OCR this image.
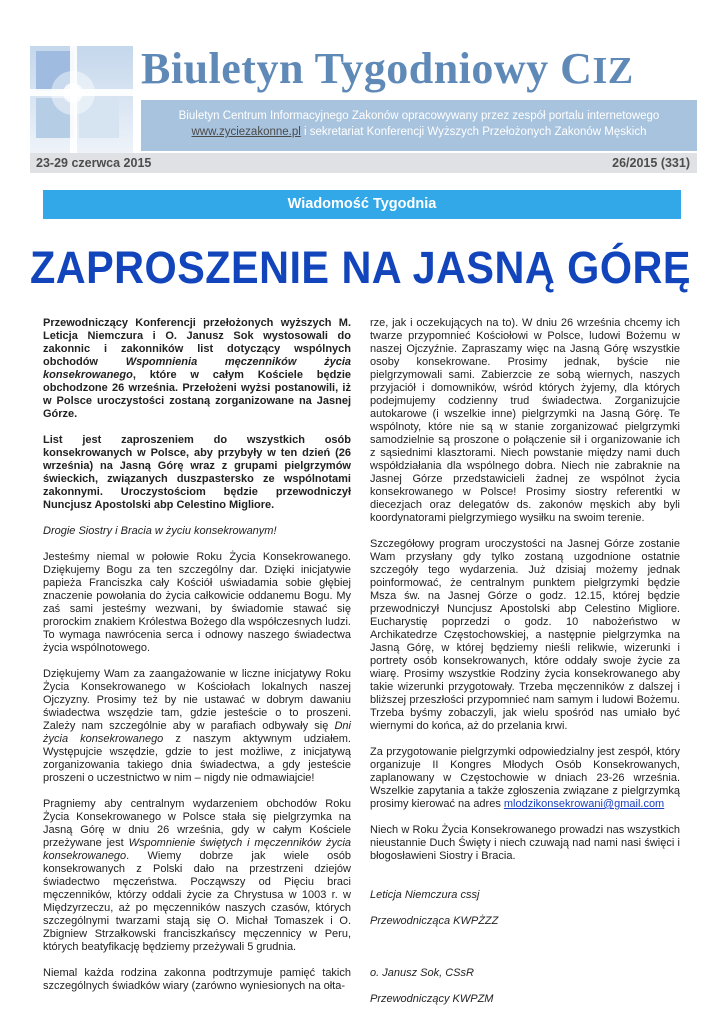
Biuletyn Tygodniowy CIZ
Biuletyn Centrum Informacyjnego Zakonów opracowywany przez zespół portalu internetowego
www.zyciezakonne.pl i sekretariat Konferencji Wyższych Przełożonych Zakonów Męskich
23-29 czerwca 2015	26/2015 (331)
Wiadomość Tygodnia
ZAPROSZENIE NA JASNĄ GÓRĘ

Przewodniczący Konferencji przełożonych wyższych M. Leticja Niemczura i O. Janusz Sok wystosowali do zakonnic i zakonników list dotyczący wspólnych obchodów Wspomnienia męczenników życia konsekrowanego, które w całym Kościele będzie obchodzone 26 września. Przełożeni wyżsi postanowili, iż w Polsce uroczystości zostaną zorganizowane na Jasnej Górze.

List jest zaproszeniem do wszystkich osób konsekrowanych w Polsce, aby przybyły w ten dzień (26 września) na Jasną Górę wraz z grupami pielgrzymów świeckich, związanych duszpastersko ze wspólnotami zakonnymi. Uroczystościom będzie przewodniczył Nuncjusz Apostolski abp Celestino Migliore.

Drogie Siostry i Bracia w życiu konsekrowanym!

Jesteśmy niemal w połowie Roku Życia Konsekrowanego. Dziękujemy Bogu za ten szczególny dar. Dzięki inicjatywie papieża Franciszka cały Kościół uświadamia sobie głębiej znaczenie powołania do życia całkowicie oddanemu Bogu. My zaś sami jesteśmy wezwani, by świadomie stawać się prorockim znakiem Królestwa Bożego dla współczesnych ludzi. To wymaga nawrócenia serca i odnowy naszego świadectwa życia wspólnotowego.

Dziękujemy Wam za zaangażowanie w liczne inicjatywy Roku Życia Konsekrowanego w Kościołach lokalnych naszej Ojczyzny. Prosimy też by nie ustawać w dobrym dawaniu świadectwa wszędzie tam, gdzie jesteście o to proszeni. Zależy nam szczególnie aby w parafiach odbywały się Dni życia konsekrowanego z naszym aktywnym udziałem. Występujcie wszędzie, gdzie to jest możliwe, z inicjatywą zorganizowania takiego dnia świadectwa, a gdy jesteście proszeni o uczestnictwo w nim – nigdy nie odmawiajcie!

Pragniemy aby centralnym wydarzeniem obchodów Roku Życia Konsekrowanego w Polsce stała się pielgrzymka na Jasną Górę w dniu 26 września, gdy w całym Kościele przeżywane jest Wspomnienie świętych i męczenników życia konsekrowanego. Wiemy dobrze jak wiele osób konsekrowanych z Polski dało na przestrzeni dziejów świadectwo męczeństwa. Począwszy od Pięciu braci męczenników, którzy oddali życie za Chrystusa w 1003 r. w Międzyrzeczu, aż po męczenników naszych czasów, których szczególnymi twarzami stają się O. Michał Tomaszek i O. Zbigniew Strzałkowski franciszkańscy męczennicy w Peru, których beatyfikację będziemy przeżywali 5 grudnia.

Niemal każda rodzina zakonna podtrzymuje pamięć takich szczególnych świadków wiary (zarówno wyniesionych na ołta-

rze, jak i oczekujących na to). W dniu 26 września chcemy ich twarze przypomnieć Kościołowi w Polsce, ludowi Bożemu w naszej Ojczyźnie. Zapraszamy więc na Jasną Górę wszystkie osoby konsekrowane. Prosimy jednak, byście nie pielgrzymowali sami. Zabierzcie ze sobą wiernych, naszych przyjaciół i domowników, wśród których żyjemy, dla których podejmujemy codzienny trud świadectwa. Zorganizujcie autokarowe (i wszelkie inne) pielgrzymki na Jasną Górę. Te wspólnoty, które nie są w stanie zorganizować pielgrzymki samodzielnie są proszone o połączenie sił i organizowanie ich z sąsiednimi klasztorami. Niech powstanie między nami duch współdziałania dla wspólnego dobra. Niech nie zabraknie na Jasnej Górze przedstawicieli żadnej ze wspólnot życia konsekrowanego w Polsce! Prosimy siostry referentki w diecezjach oraz delegatów ds. zakonów męskich aby byli koordynatorami pielgrzymiego wysiłku na swoim terenie.

Szczegółowy program uroczystości na Jasnej Górze zostanie Wam przysłany gdy tylko zostaną uzgodnione ostatnie szczegóły tego wydarzenia. Już dzisiaj możemy jednak poinformować, że centralnym punktem pielgrzymki będzie Msza św. na Jasnej Górze o godz. 12.15, której będzie przewodniczył Nuncjusz Apostolski abp Celestino Migliore. Eucharystię poprzedzi o godz. 10 nabożeństwo w Archikatedrze Częstochowskiej, a następnie pielgrzymka na Jasną Górę, w której będziemy nieśli relikwie, wizerunki i portrety osób konsekrowanych, które oddały swoje życie za wiarę. Prosimy wszystkie Rodziny życia konsekrowanego aby takie wizerunki przygotowały. Trzeba męczenników z dalszej i bliższej przeszłości przypomnieć nam samym i ludowi Bożemu. Trzeba byśmy zobaczyli, jak wielu spośród nas umiało być wiernymi do końca, aż do przelania krwi.

Za przygotowanie pielgrzymki odpowiedzialny jest zespół, który organizuje II Kongres Młodych Osób Konsekrowanych, zaplanowany w Częstochowie w dniach 23-26 września. Wszelkie zapytania a także zgłoszenia związane z pielgrzymką prosimy kierować na adres mlodzikonsekrowani@gmail.com

Niech w Roku Życia Konsekrowanego prowadzi nas wszystkich nieustannie Duch Święty i niech czuwają nad nami nasi święci i błogosławieni Siostry i Bracia.

Leticja Niemczura cssj

Przewodnicząca KWPŻZZ

o. Janusz Sok, CSsR

Przewodniczący KWPZM
